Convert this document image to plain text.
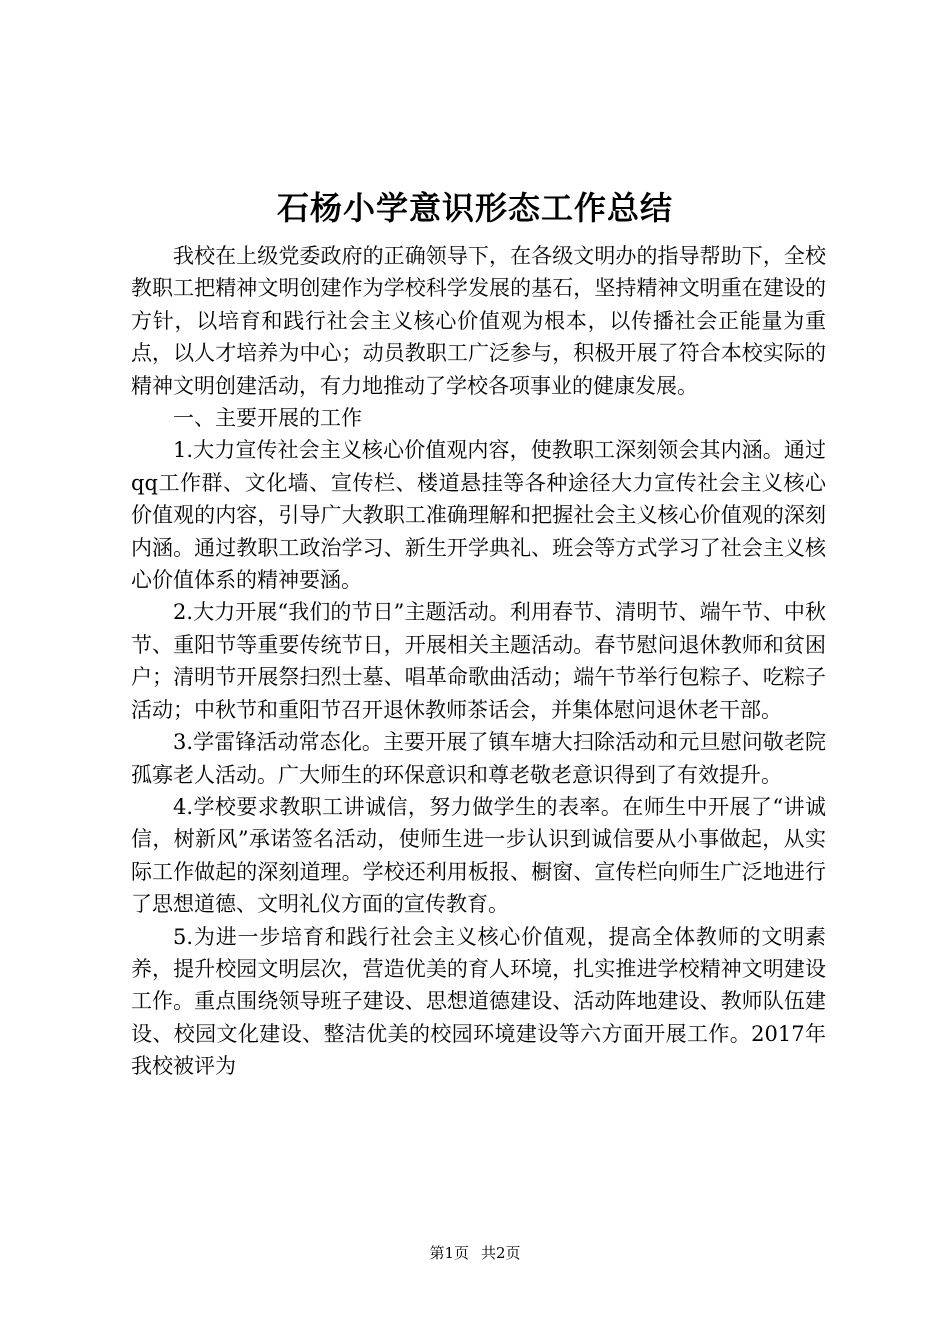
石杨小学意识形态工作总结

我校在上级党委政府的正确领导下，在各级文明办的指导帮助下，全校教职工把精神文明创建作为学校科学发展的基石，坚持精神文明重在建设的方针，以培育和践行社会主义核心价值观为根本，以传播社会正能量为重点，以人才培养为中心；动员教职工广泛参与，积极开展了符合本校实际的精神文明创建活动，有力地推动了学校各项事业的健康发展。

一、主要开展的工作

1.大力宣传社会主义核心价值观内容，使教职工深刻领会其内涵。通过qq工作群、文化墙、宣传栏、楼道悬挂等各种途径大力宣传社会主义核心价值观的内容，引导广大教职工准确理解和把握社会主义核心价值观的深刻内涵。通过教职工政治学习、新生开学典礼、班会等方式学习了社会主义核心价值体系的精神要涵。

2.大力开展“我们的节日”主题活动。利用春节、清明节、端午节、中秋节、重阳节等重要传统节日，开展相关主题活动。春节慰问退休教师和贫困户；清明节开展祭扫烈士墓、唱革命歌曲活动；端午节举行包粽子、吃粽子活动；中秋节和重阳节召开退休教师茶话会，并集体慰问退休老干部。

3.学雷锋活动常态化。主要开展了镇车塘大扫除活动和元旦慰问敬老院孤寡老人活动。广大师生的环保意识和尊老敬老意识得到了有效提升。

4.学校要求教职工讲诚信，努力做学生的表率。在师生中开展了“讲诚信，树新风”承诺签名活动，使师生进一步认识到诚信要从小事做起，从实际工作做起的深刻道理。学校还利用板报、橱窗、宣传栏向师生广泛地进行了思想道德、文明礼仪方面的宣传教育。

5.为进一步培育和践行社会主义核心价值观，提高全体教师的文明素养，提升校园文明层次，营造优美的育人环境，扎实推进学校精神文明建设工作。重点围绕领导班子建设、思想道德建设、活动阵地建设、教师队伍建设、校园文化建设、整洁优美的校园环境建设等六方面开展工作。2017年我校被评为

第1页 共2页
